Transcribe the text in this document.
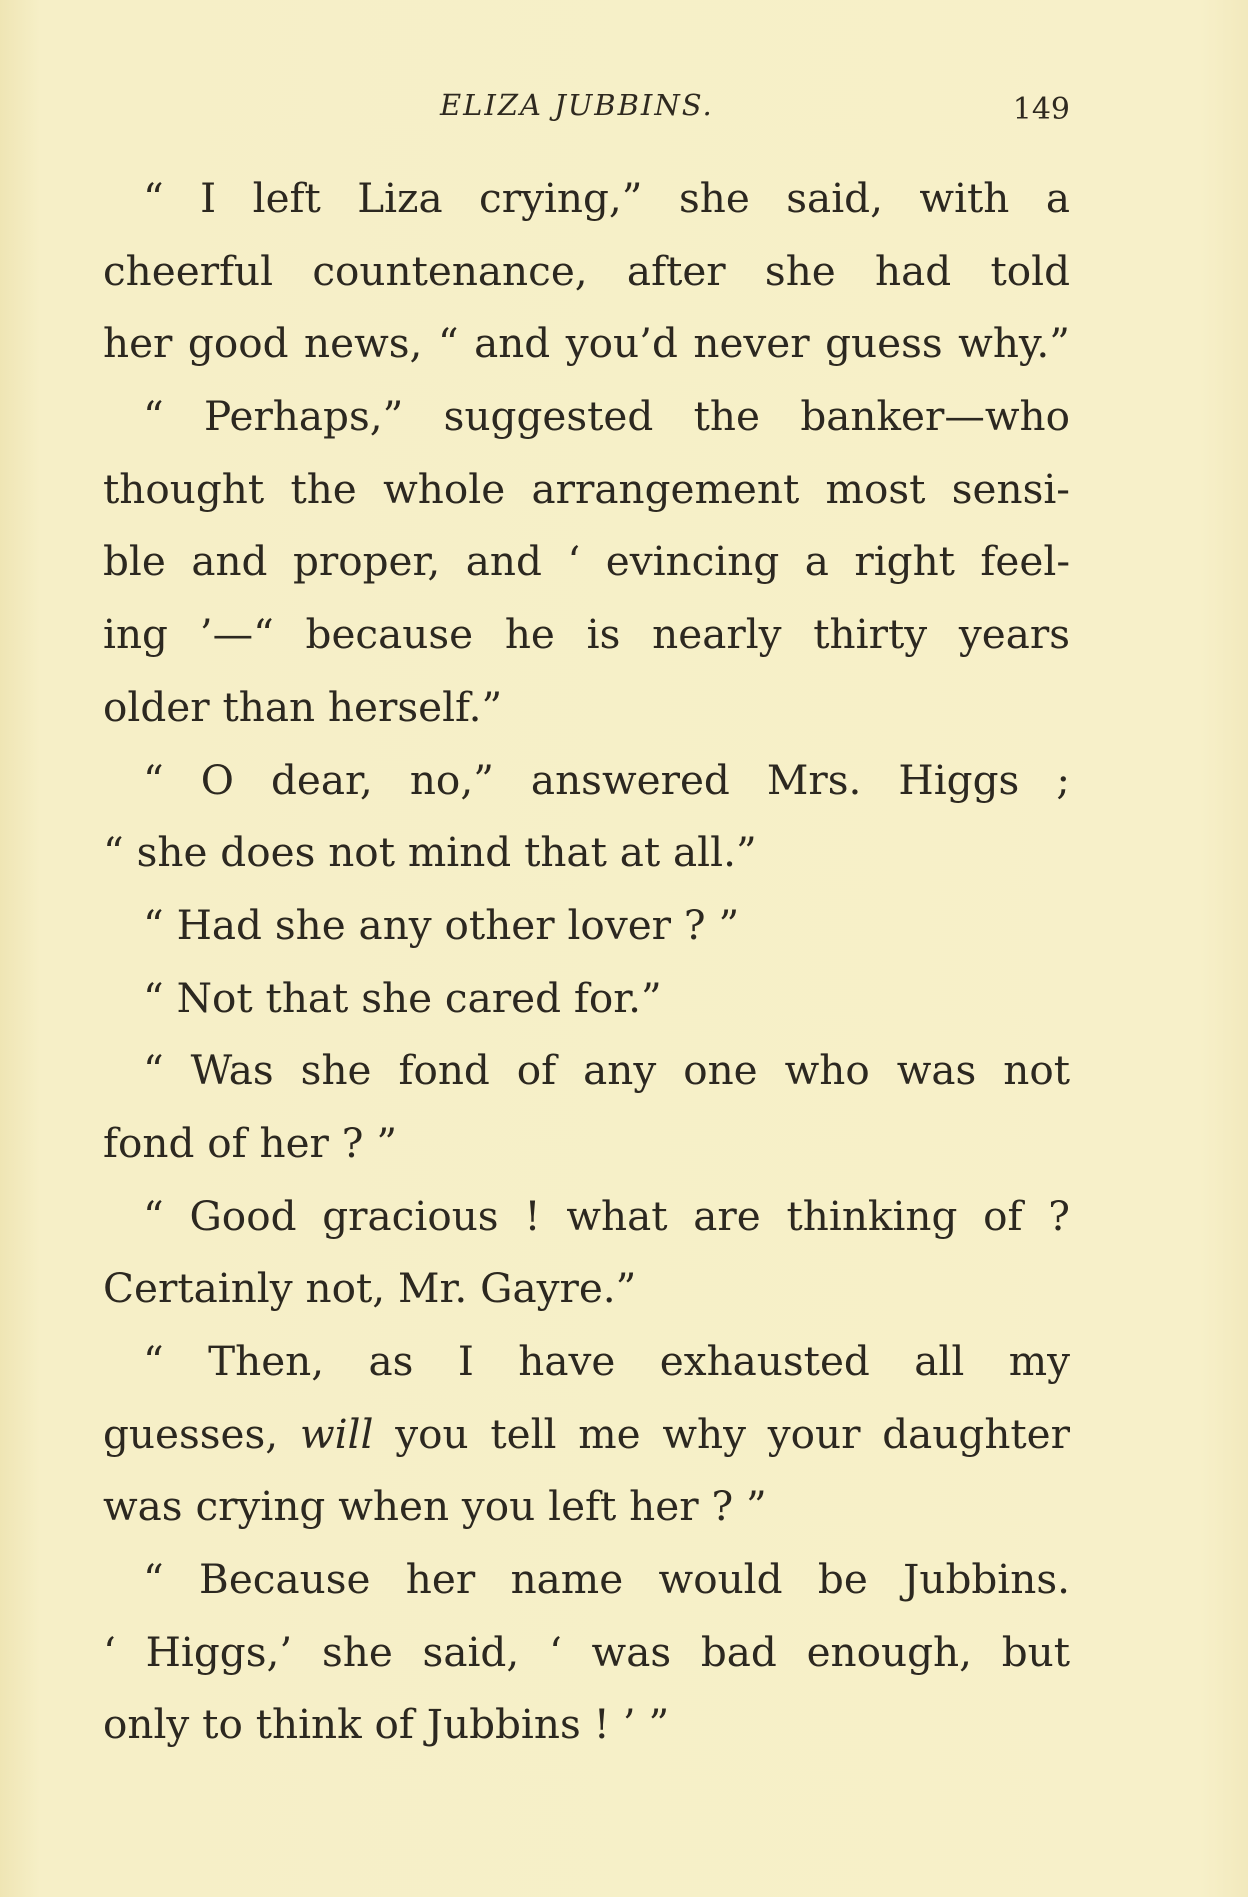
ELIZA JUBBINS.	149
“ I left Liza crying,” she said, with a
cheerful countenance, after she had told
her good news, “ and you’d never guess why.”
“ Perhaps,” suggested the banker—who
thought the whole arrangement most sensi-
ble and proper, and ‘ evincing a right feel-
ing ’—“ because he is nearly thirty years
older than herself.”
“ O dear, no,” answered Mrs. Higgs ;
“ she does not mind that at all.”
“ Had she any other lover ? ”
“ Not that she cared for.”
“ Was she fond of any one who was not
fond of her ? ”
“ Good gracious ! what are thinking of ?
Certainly not, Mr. Gayre.”
“ Then, as I have exhausted all my
guesses, will you tell me why your daughter
was crying when you left her ? ”
“ Because her name would be Jubbins.
‘ Higgs,’ she said, ‘ was bad enough, but
only to think of Jubbins ! ’ ”
